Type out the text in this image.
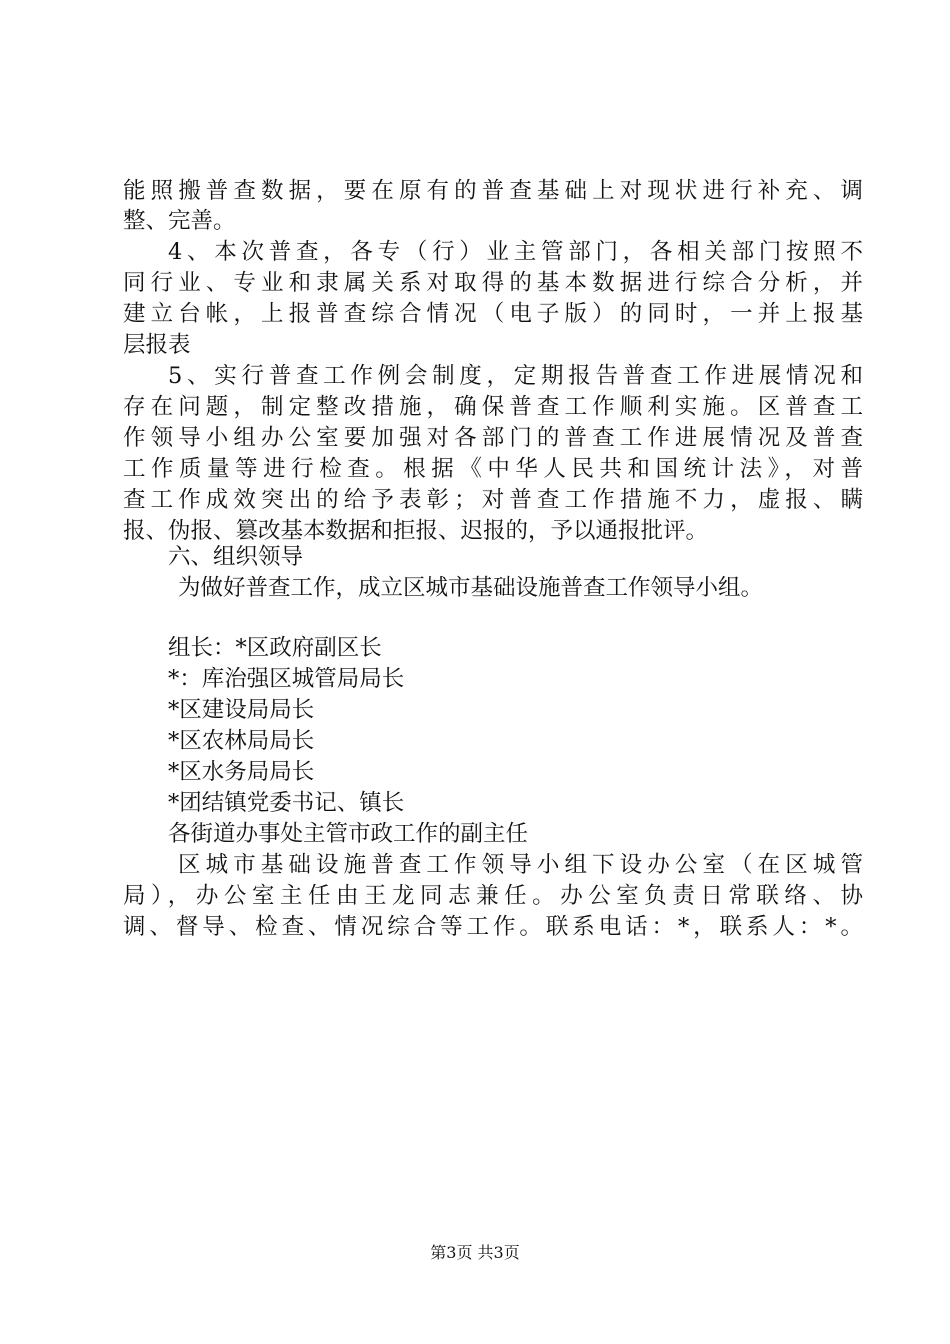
能照搬普查数据，要在原有的普查基础上对现状进行补充、调
整、完善。
4、本次普查，各专（行）业主管部门，各相关部门按照不
同行业、专业和隶属关系对取得的基本数据进行综合分析，并
建立台帐，上报普查综合情况（电子版）的同时，一并上报基
层报表
5、实行普查工作例会制度，定期报告普查工作进展情况和
存在问题，制定整改措施，确保普查工作顺利实施。区普查工
作领导小组办公室要加强对各部门的普查工作进展情况及普查
工作质量等进行检查。根据《中华人民共和国统计法》，对普
查工作成效突出的给予表彰；对普查工作措施不力，虚报、瞒
报、伪报、篡改基本数据和拒报、迟报的，予以通报批评。
六、组织领导
为做好普查工作，成立区城市基础设施普查工作领导小组。
组长：*区政府副区长
*：库治强区城管局局长
*区建设局局长
*区农林局局长
*区水务局局长
*团结镇党委书记、镇长
各街道办事处主管市政工作的副主任
区城市基础设施普查工作领导小组下设办公室（在区城管
局），办公室主任由王龙同志兼任。办公室负责日常联络、协
调、督导、检查、情况综合等工作。联系电话：*，联系人：*。
第3页 共3页
